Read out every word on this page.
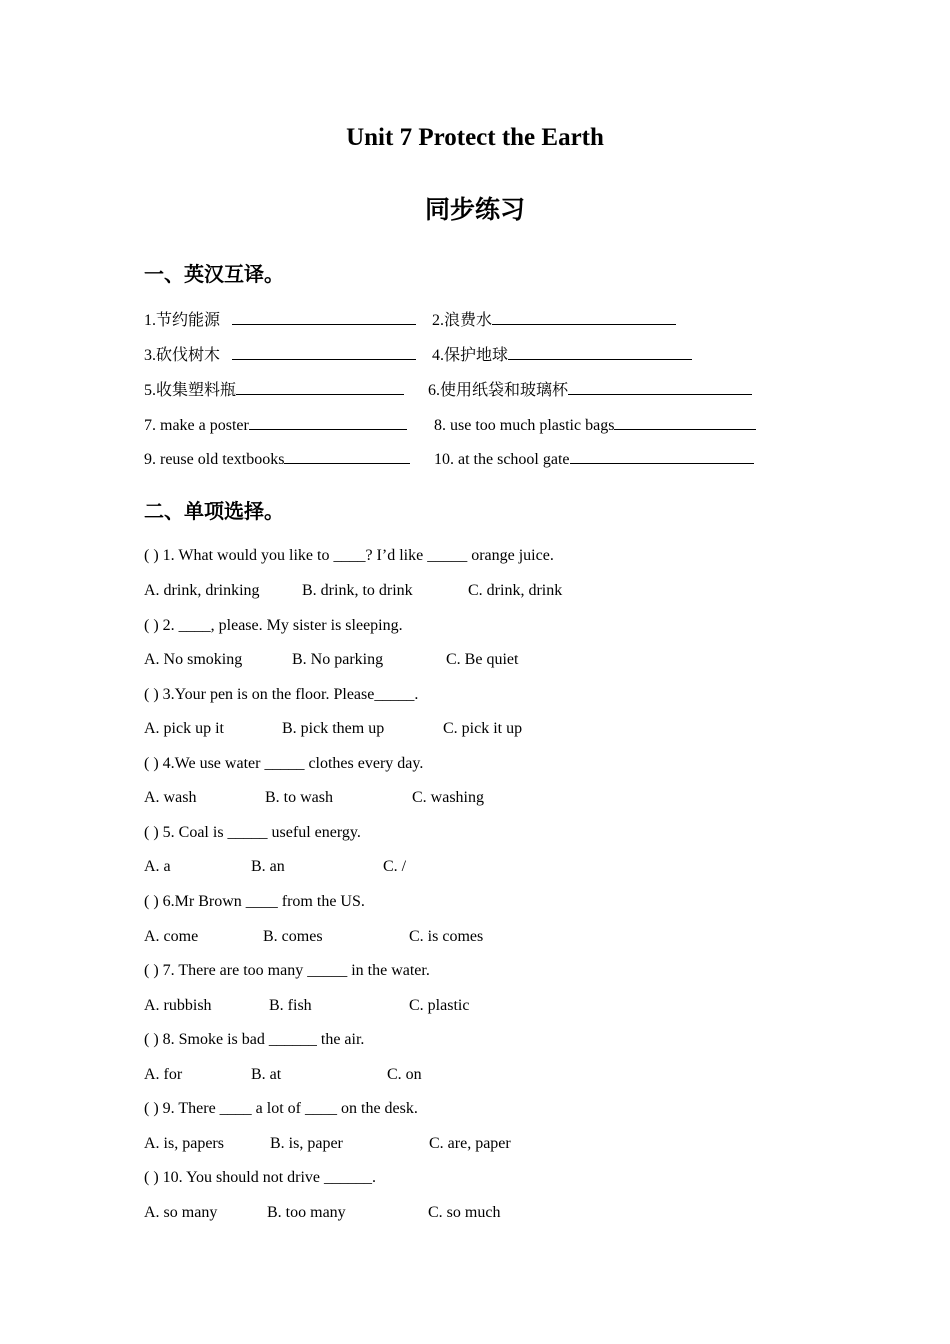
Unit 7 Protect the Earth
同步练习
一、英汉互译。
1.节约能源	2.浪费水
3.砍伐树木	4.保护地球
5.收集塑料瓶	6.使用纸袋和玻璃杯
7. make a poster	8. use too much plastic bags
9. reuse old textbooks	10. at the school gate
二、单项选择。
( ) 1. What would you like to ____? I’d like _____ orange juice.
A. drink, drinking	B. drink, to drink	C. drink, drink
( ) 2. ____, please. My sister is sleeping.
A. No smoking	B. No parking	C. Be quiet
( ) 3.Your pen is on the floor. Please_____.
A. pick up it	B. pick them up	C. pick it up
( ) 4.We use water _____ clothes every day.
A. wash	B. to wash	C. washing
( ) 5. Coal is _____ useful energy.
A. a	B. an	C. /
( ) 6.Mr Brown ____ from the US.
A. come	B. comes	C. is comes
( ) 7. There are too many _____ in the water.
A. rubbish	B. fish	C. plastic
( ) 8. Smoke is bad ______ the air.
A. for	B. at	C. on
( ) 9. There ____ a lot of ____ on the desk.
A. is, papers	B. is, paper	C. are, paper
( ) 10. You should not drive ______.
A. so many	B. too many	C. so much
